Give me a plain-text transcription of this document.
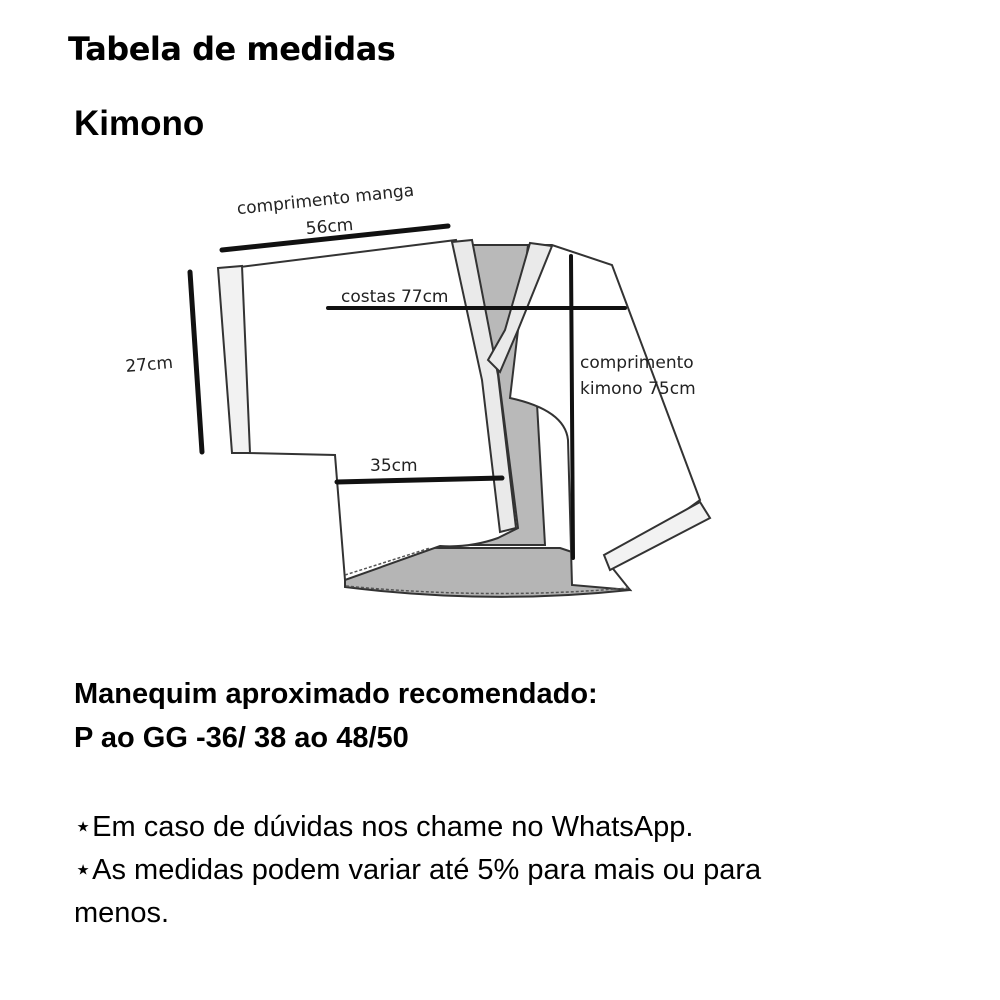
Tabela de medidas
Kimono
comprimento manga
56cm
costas 77cm
27cm
35cm
comprimento
kimono 75cm
Manequim aproximado recomendado:
P ao GG -36/ 38 ao 48/50

⋆Em caso de dúvidas nos chame no WhatsApp.

⋆As medidas podem variar até 5% para mais ou para menos.
